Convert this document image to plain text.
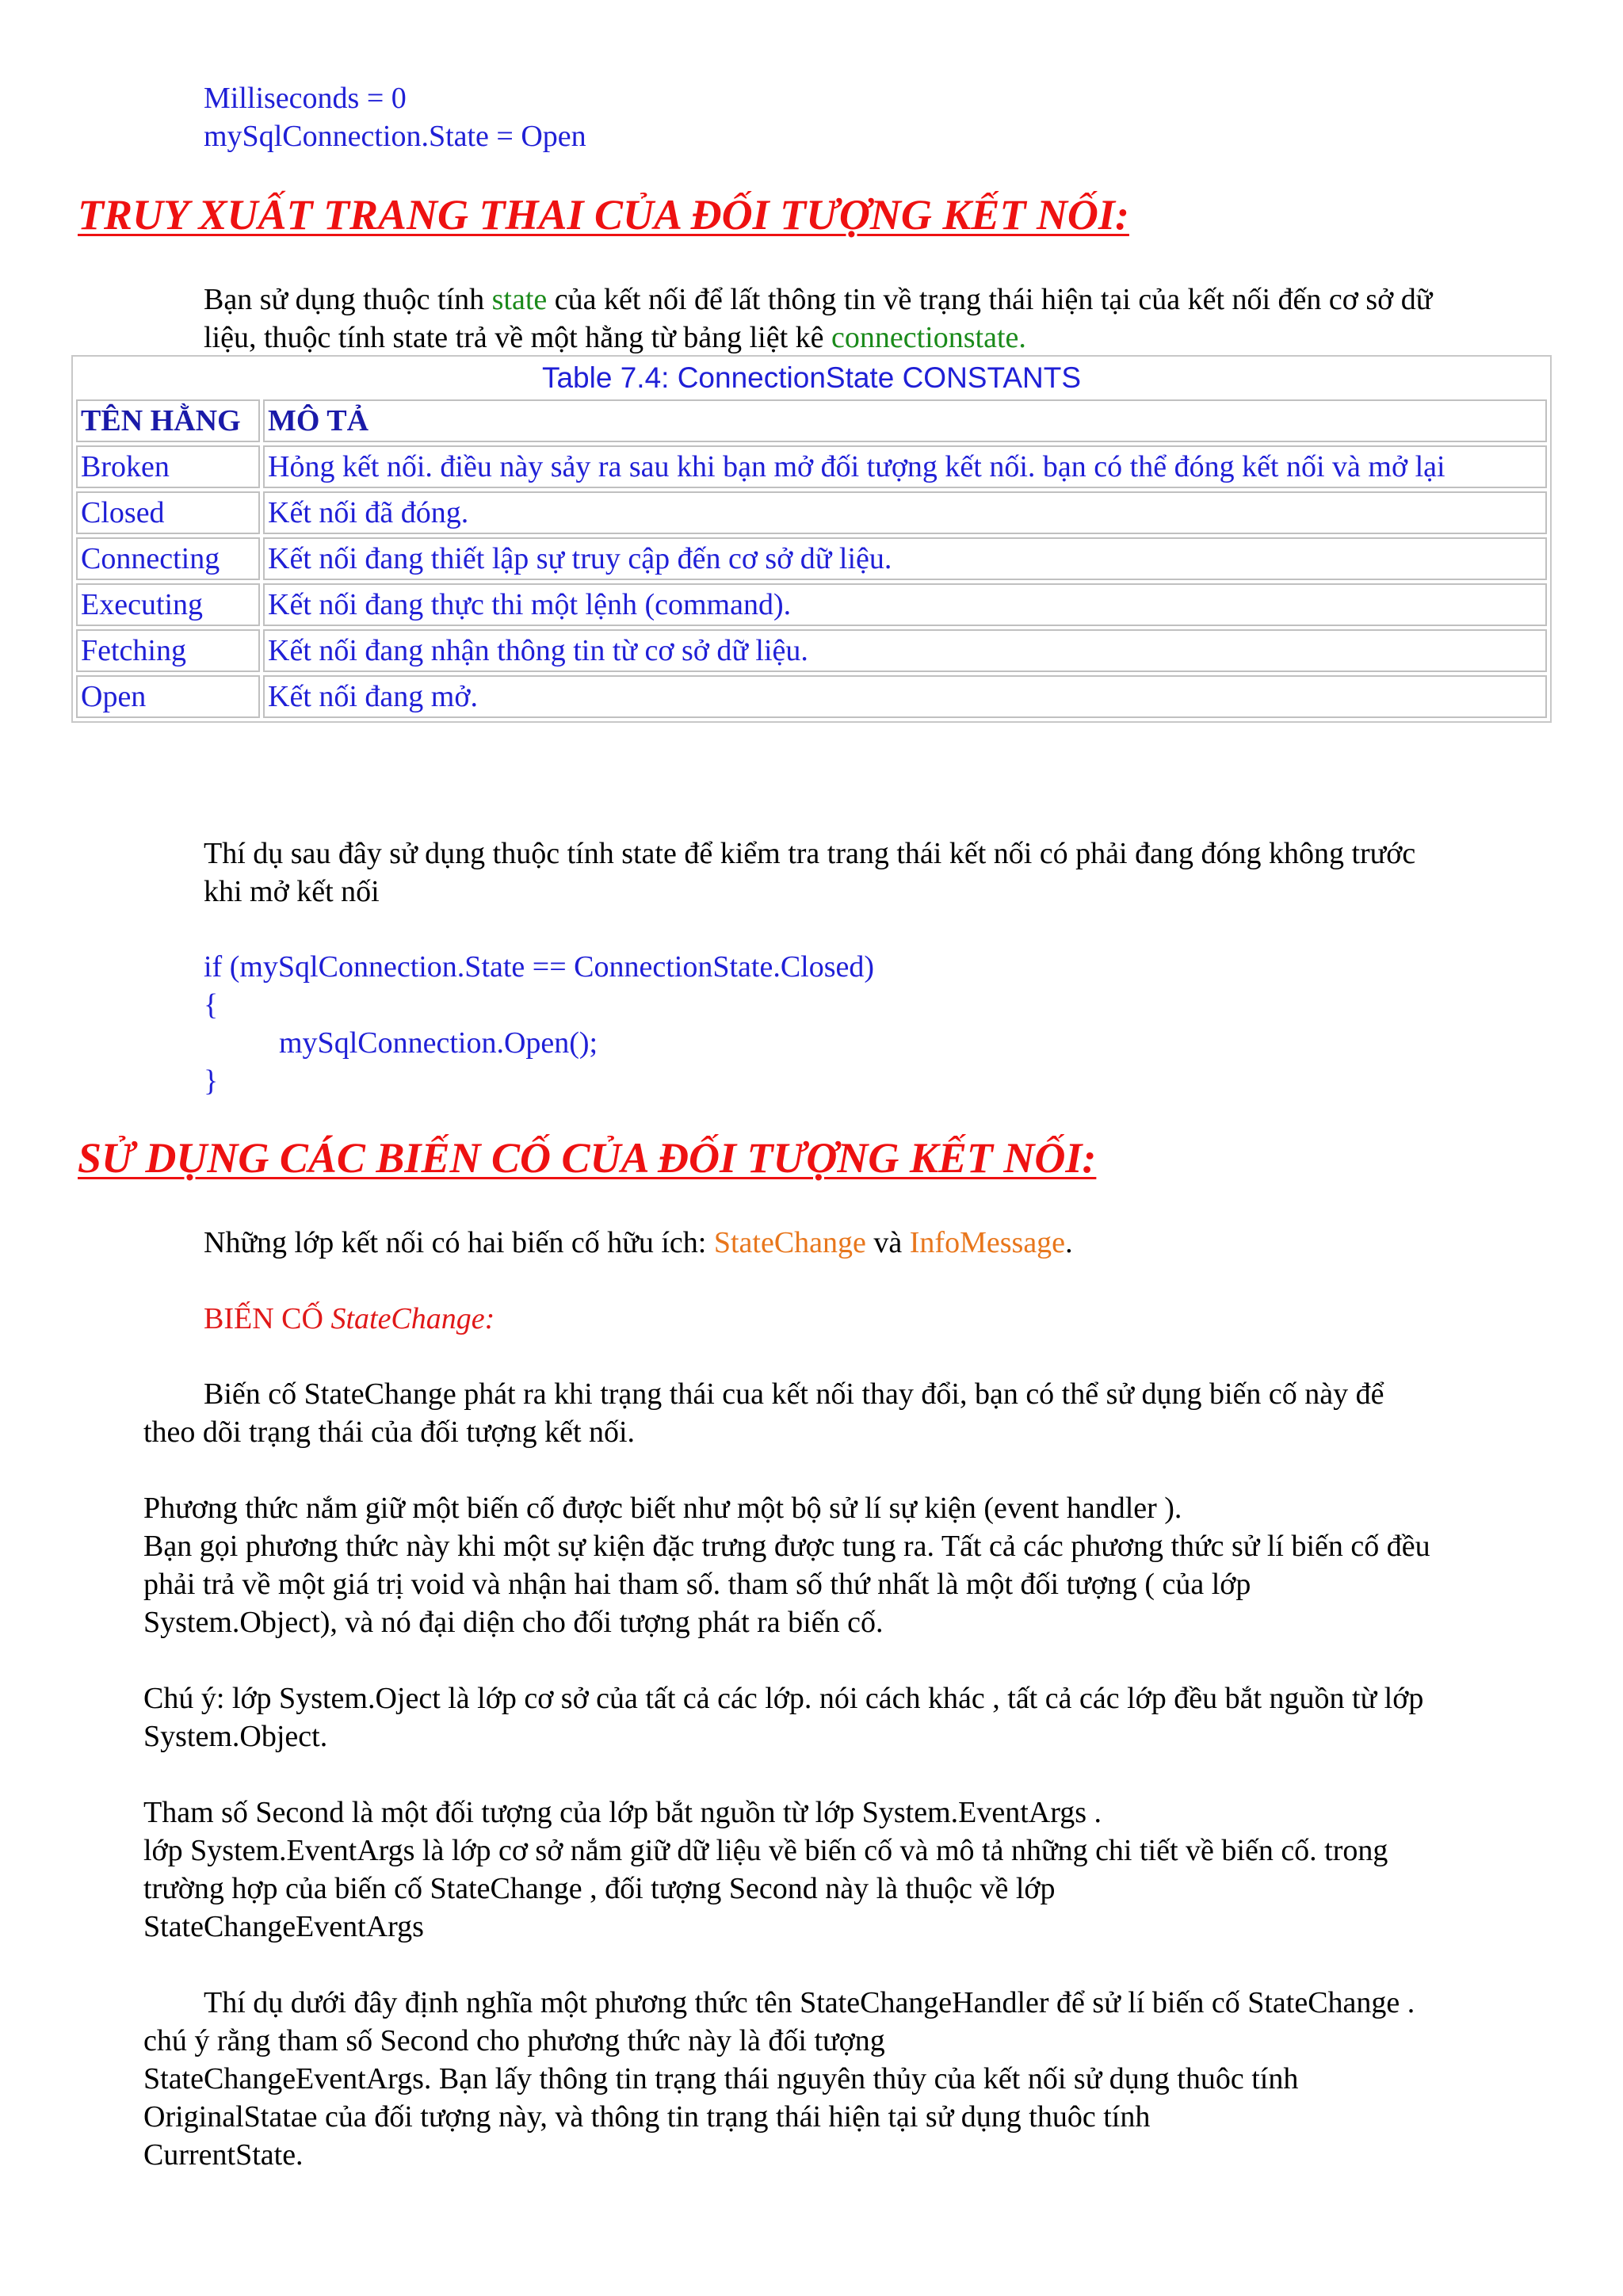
Milliseconds = 0
mySqlConnection.State = Open
TRUY XUẤT TRANG THAI CỦA ĐỐI TƯỢNG KẾT NỐI:
Bạn sử dụng thuộc tính state của kết nối để lất thông tin về trạng thái hiện tại của kết nối đến cơ sở dữ
liệu, thuộc tính state trả về một hằng từ bảng liệt kê connectionstate.
Table 7.4: ConnectionState CONSTANTS	
TÊN HẰNG	MÔ TẢ
Broken	Hỏng kết nối. điều này sảy ra sau khi bạn mở đối tượng kết nối. bạn có thể đóng kết nối và mở lại
Closed	Kết nối đã đóng.
Connecting	Kết nối đang thiết lập sự truy cập đến cơ sở dữ liệu.
Executing	Kết nối đang thực thi một lệnh (command).
Fetching	Kết nối đang nhận thông tin từ cơ sở dữ liệu.
Open	Kết nối đang mở.
Thí dụ sau đây sử dụng thuộc tính state để kiểm tra trang thái kết nối có phải đang đóng không trước
khi mở kết nối
if (mySqlConnection.State == ConnectionState.Closed)
{
mySqlConnection.Open();
}
SỬ DỤNG CÁC BIẾN CỐ CỦA ĐỐI TƯỢNG KẾT NỐI:
Những lớp kết nối có hai biến cố hữu ích: StateChange và InfoMessage.
BIẾN CỐ StateChange:
Biến cố StateChange phát ra khi trạng thái cua kết nối thay đổi, bạn có thể sử dụng biến cố này để
theo dõi trạng thái của đối tượng kết nối.
Phương thức nắm giữ một biến cố được biết như một bộ sử lí sự kiện (event handler ).
Bạn gọi phương thức này khi một sự kiện đặc trưng được tung ra. Tất cả các phương thức sử lí biến cố đều
phải trả về một giá trị void và nhận hai tham số. tham số thứ nhất là một đối tượng ( của lớp
System.Object), và nó đại diện cho đối tượng phát ra biến cố.
Chú ý: lớp System.Oject là lớp cơ sở của tất cả các lớp. nói cách khác , tất cả các lớp đều bắt nguồn từ lớp
System.Object.
Tham số Second là một đối tượng của lớp bắt nguồn từ lớp System.EventArgs .
lớp System.EventArgs là lớp cơ sở nắm giữ dữ liệu về biến cố và mô tả những chi tiết về biến cố. trong
trường hợp của biến cố StateChange , đối tượng Second này là thuộc về lớp
StateChangeEventArgs
Thí dụ dưới đây định nghĩa một phương thức tên StateChangeHandler để sử lí biến cố StateChange .
chú ý rằng tham số Second cho phương thức này là đối tượng
StateChangeEventArgs. Bạn lấy thông tin trạng thái nguyên thủy của kết nối sử dụng thuôc tính
OriginalStatae của đối tượng này, và thông tin trạng thái hiện tại sử dụng thuôc tính
CurrentState.
